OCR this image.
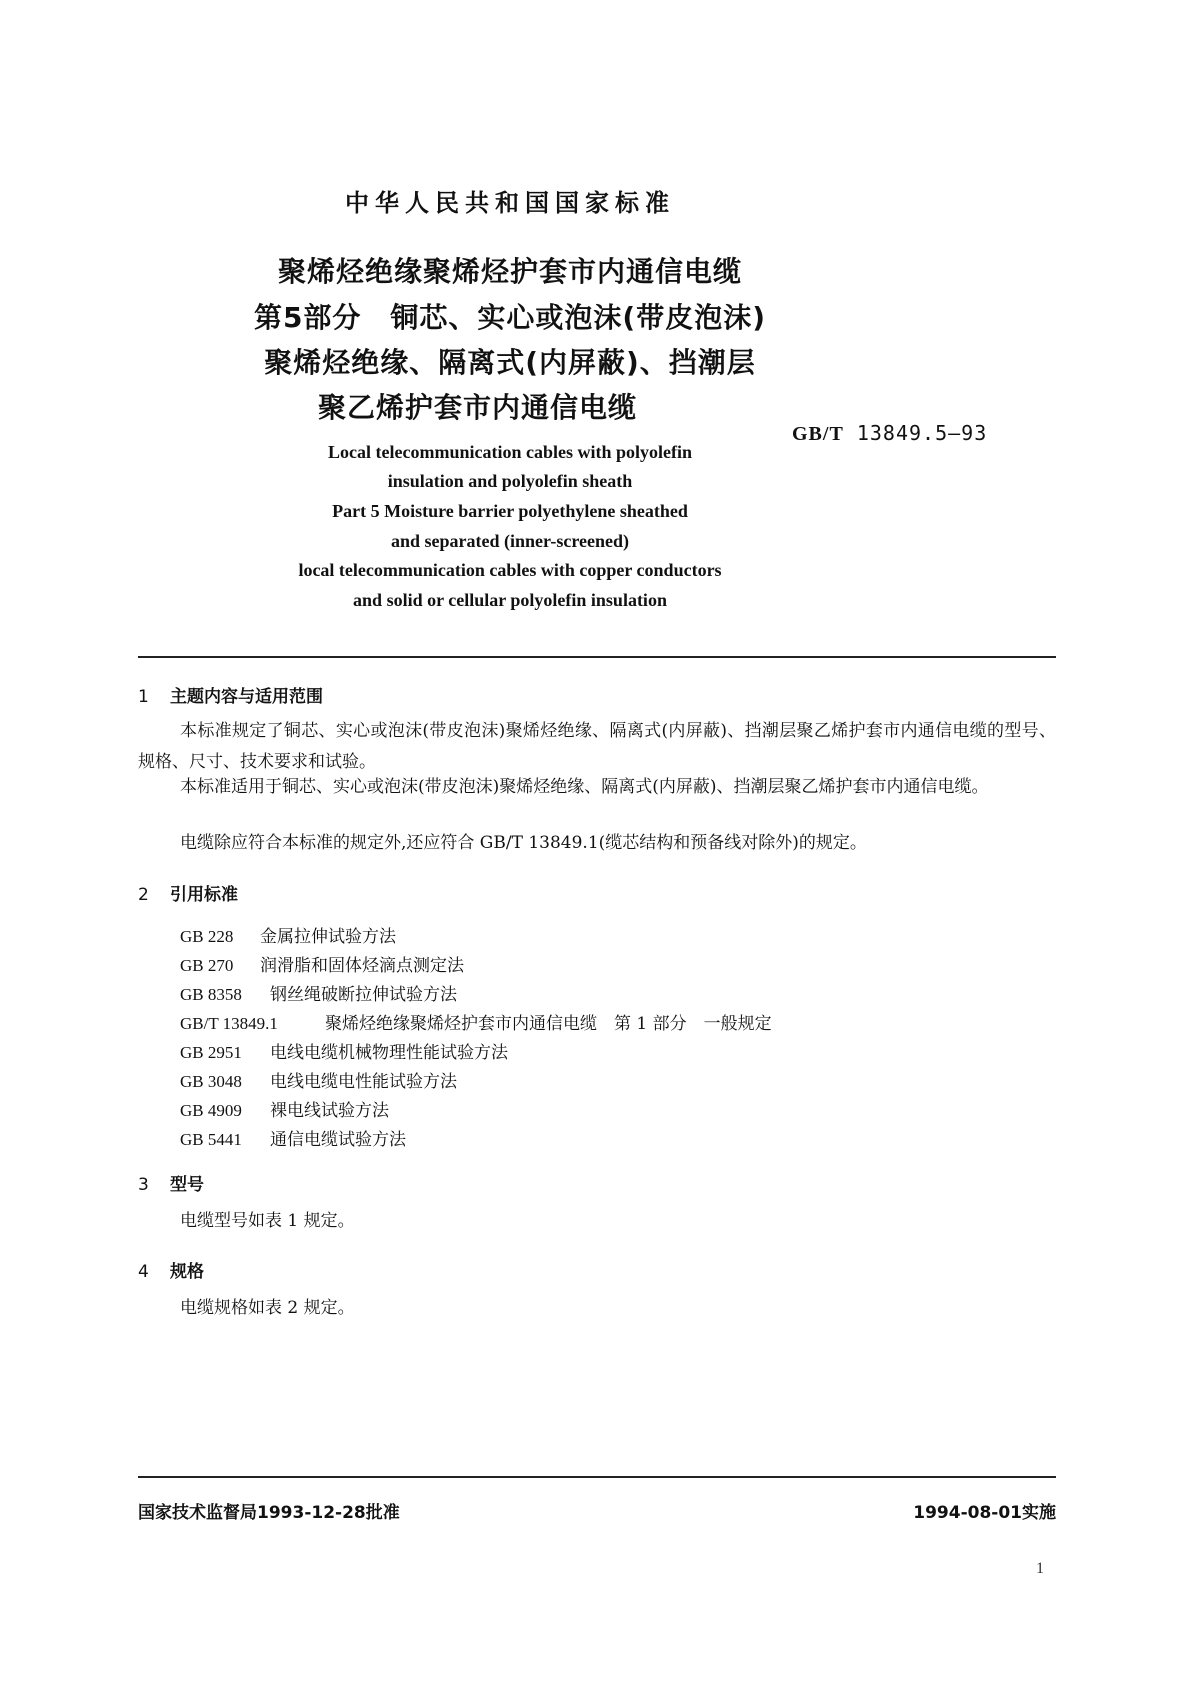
中华人民共和国国家标准
聚烯烃绝缘聚烯烃护套市内通信电缆
第5部分　铜芯、实心或泡沫(带皮泡沫)
聚烯烃绝缘、隔离式(内屏蔽)、挡潮层
聚乙烯护套市内通信电缆
GB/T 13849.5—93
Local telecommunication cables with polyolefin
insulation and polyolefin sheath
Part 5 Moisture barrier polyethylene sheathed
and separated (inner-screened)
local telecommunication cables with copper conductors
and solid or cellular polyolefin insulation
1 主题内容与适用范围
本标准规定了铜芯、实心或泡沫(带皮泡沫)聚烯烃绝缘、隔离式(内屏蔽)、挡潮层聚乙烯护套市内通信电缆的型号、规格、尺寸、技术要求和试验。
本标准适用于铜芯、实心或泡沫(带皮泡沫)聚烯烃绝缘、隔离式(内屏蔽)、挡潮层聚乙烯护套市内通信电缆。
电缆除应符合本标准的规定外,还应符合 GB/T 13849.1(缆芯结构和预备线对除外)的规定。
2 引用标准
GB 228 金属拉伸试验方法
GB 270 润滑脂和固体烃滴点测定法
GB 8358 钢丝绳破断拉伸试验方法
GB/T 13849.1	聚烯烃绝缘聚烯烃护套市内通信电缆　第 1 部分　一般规定
GB 2951 电线电缆机械物理性能试验方法
GB 3048 电线电缆电性能试验方法
GB 4909 裸电线试验方法
GB 5441 通信电缆试验方法
3 型号
电缆型号如表 1 规定。
4 规格
电缆规格如表 2 规定。
国家技术监督局1993-12-28批准	1994-08-01实施
1
